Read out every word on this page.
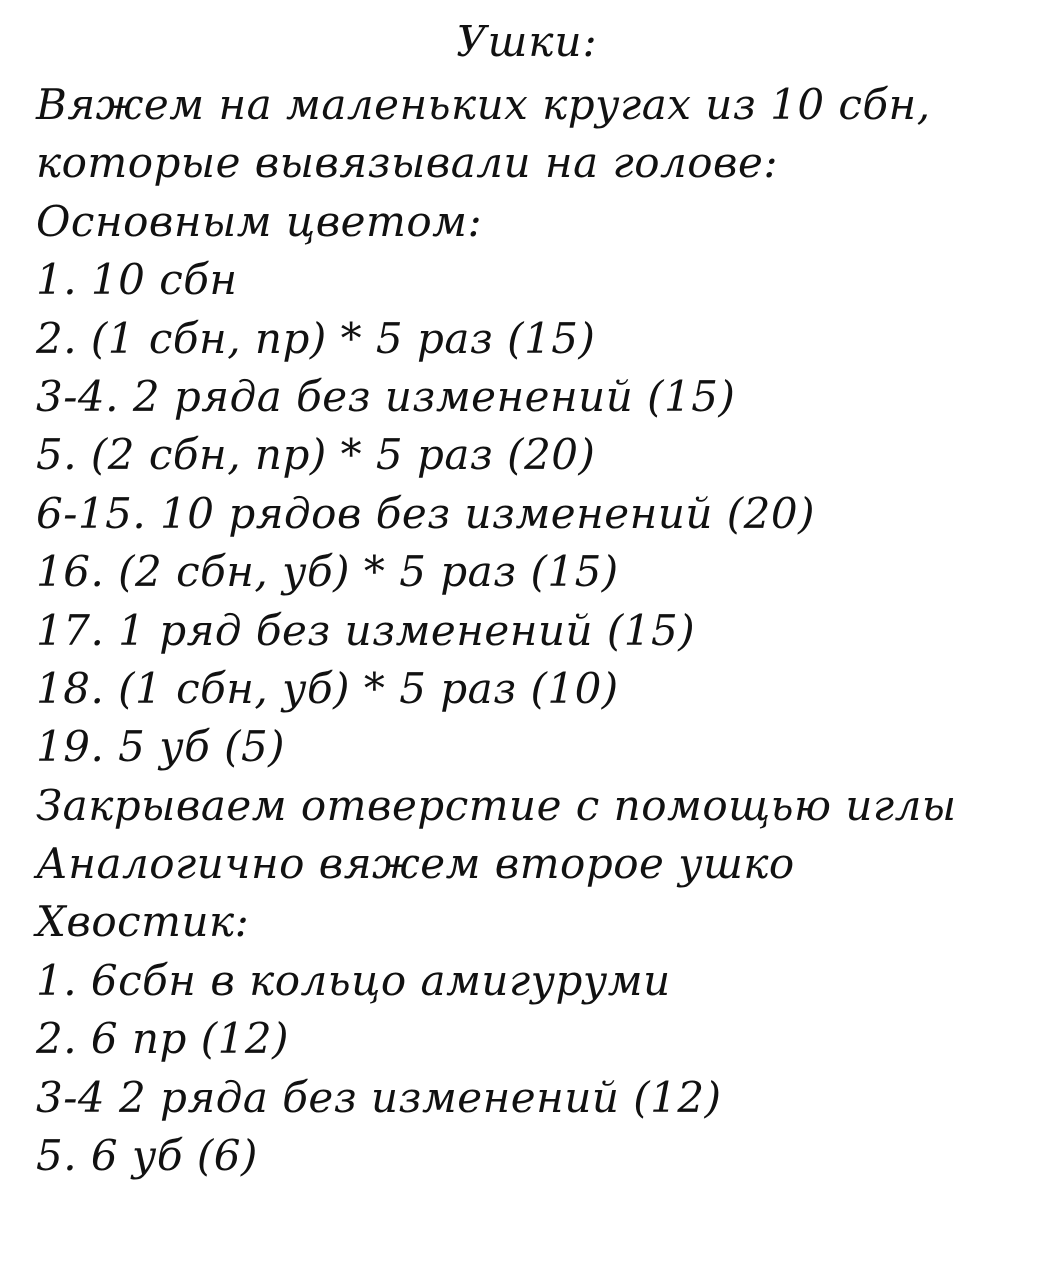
Ушки:
Вяжем на маленьких кругах из 10 сбн,
которые вывязывали на голове:
Основным цветом:
1. 10 сбн
2. (1 сбн, пр) * 5 раз (15)
3-4. 2 ряда без изменений (15)
5. (2 сбн, пр) * 5 раз (20)
6-15. 10 рядов без изменений (20)
16. (2 сбн, уб) * 5 раз (15)
17. 1 ряд без изменений (15)
18. (1 сбн, уб) * 5 раз (10)
19. 5 уб (5)
Закрываем отверстие с помощью иглы
Аналогично вяжем второе ушко
Хвостик:
1. 6сбн в кольцо амигуруми
2. 6 пр (12)
3-4 2 ряда без изменений (12)
5. 6 уб (6)
